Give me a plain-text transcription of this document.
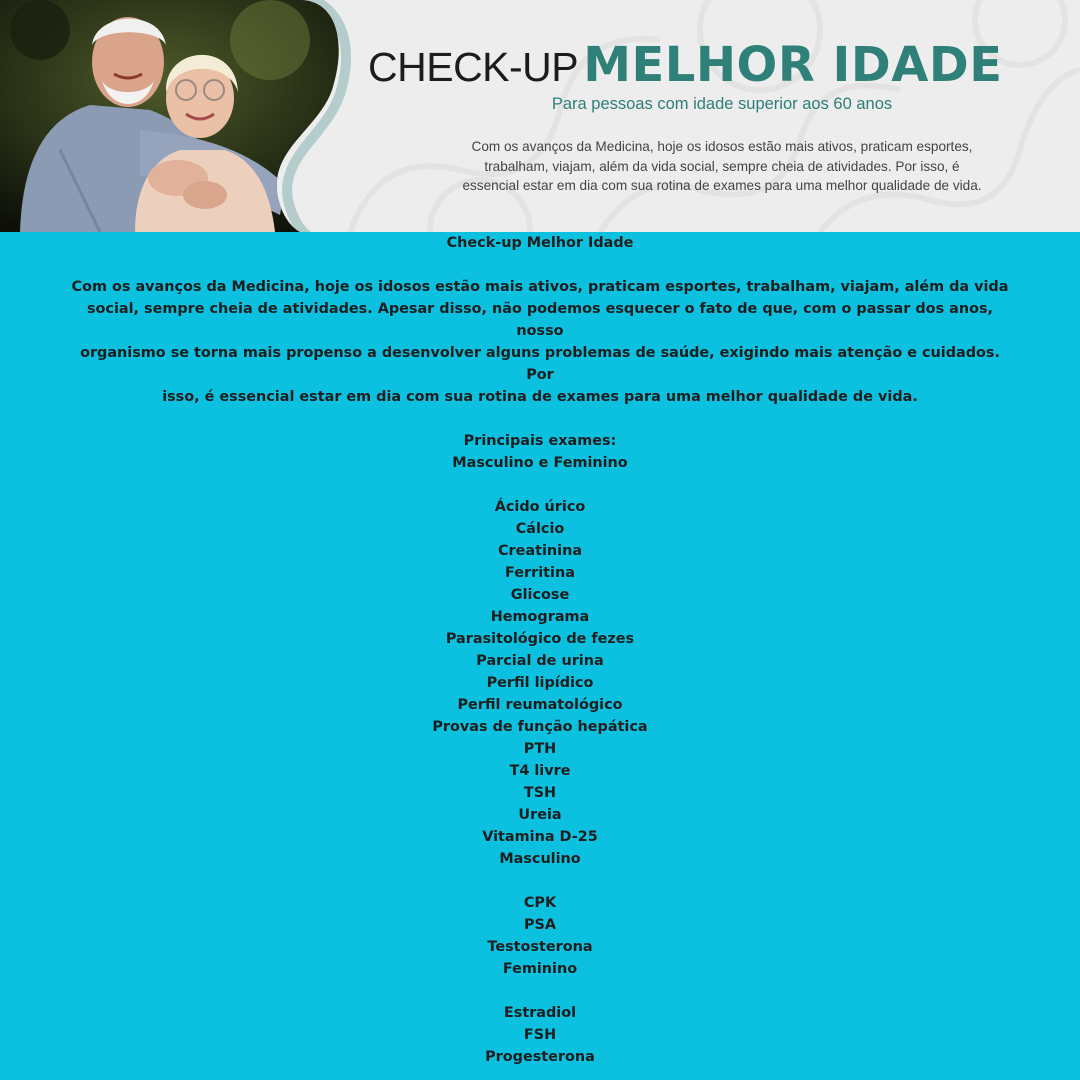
CHECK-UP MELHOR IDADE
Para pessoas com idade superior aos 60 anos
Com os avanços da Medicina, hoje os idosos estão mais ativos, praticam esportes,
trabalham, viajam, além da vida social, sempre cheia de atividades. Por isso, é
essencial estar em dia com sua rotina de exames para uma melhor qualidade de vida.

Check-up Melhor Idade

Com os avanços da Medicina, hoje os idosos estão mais ativos, praticam esportes, trabalham, viajam, além da vida
social, sempre cheia de atividades. Apesar disso, não podemos esquecer o fato de que, com o passar dos anos, nosso
organismo se torna mais propenso a desenvolver alguns problemas de saúde, exigindo mais atenção e cuidados. Por
isso, é essencial estar em dia com sua rotina de exames para uma melhor qualidade de vida.
Principais exames:
Masculino e Feminino
Ácido úrico
Cálcio
Creatinina
Ferritina
Glicose
Hemograma
Parasitológico de fezes
Parcial de urina
Perfil lipídico
Perfil reumatológico
Provas de função hepática
PTH
T4 livre
TSH
Ureia
Vitamina D-25
Masculino
CPK
PSA
Testosterona
Feminino
Estradiol
FSH
Progesterona
